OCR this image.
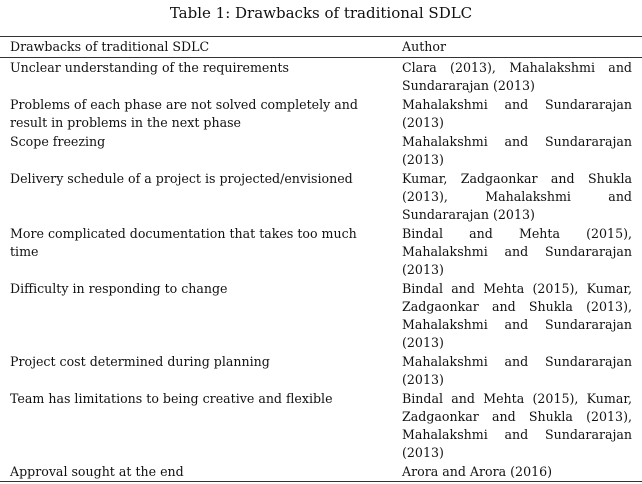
Table 1: Drawbacks of traditional SDLC
Drawbacks of traditional SDLC	Author
Unclear understanding of the requirements	Clara (2013), Mahalakshmi and Sundararajan (2013)
Problems of each phase are not solved completely and result in problems in the next phase	Mahalakshmi and Sundararajan (2013)
Scope freezing	Mahalakshmi and Sundararajan (2013)
Delivery schedule of a project is projected/envisioned	Kumar, Zadgaonkar and Shukla (2013), Mahalakshmi and Sundararajan (2013)
More complicated documentation that takes too much time	Bindal and Mehta (2015), Mahalakshmi and Sundararajan (2013)
Difficulty in responding to change	Bindal and Mehta (2015), Kumar, Zadgaonkar and Shukla (2013), Mahalakshmi and Sundararajan (2013)
Project cost determined during planning	Mahalakshmi and Sundararajan (2013)
Team has limitations to being creative and flexible	Bindal and Mehta (2015), Kumar, Zadgaonkar and Shukla (2013), Mahalakshmi and Sundararajan (2013)
Approval sought at the end	Arora and Arora (2016)
